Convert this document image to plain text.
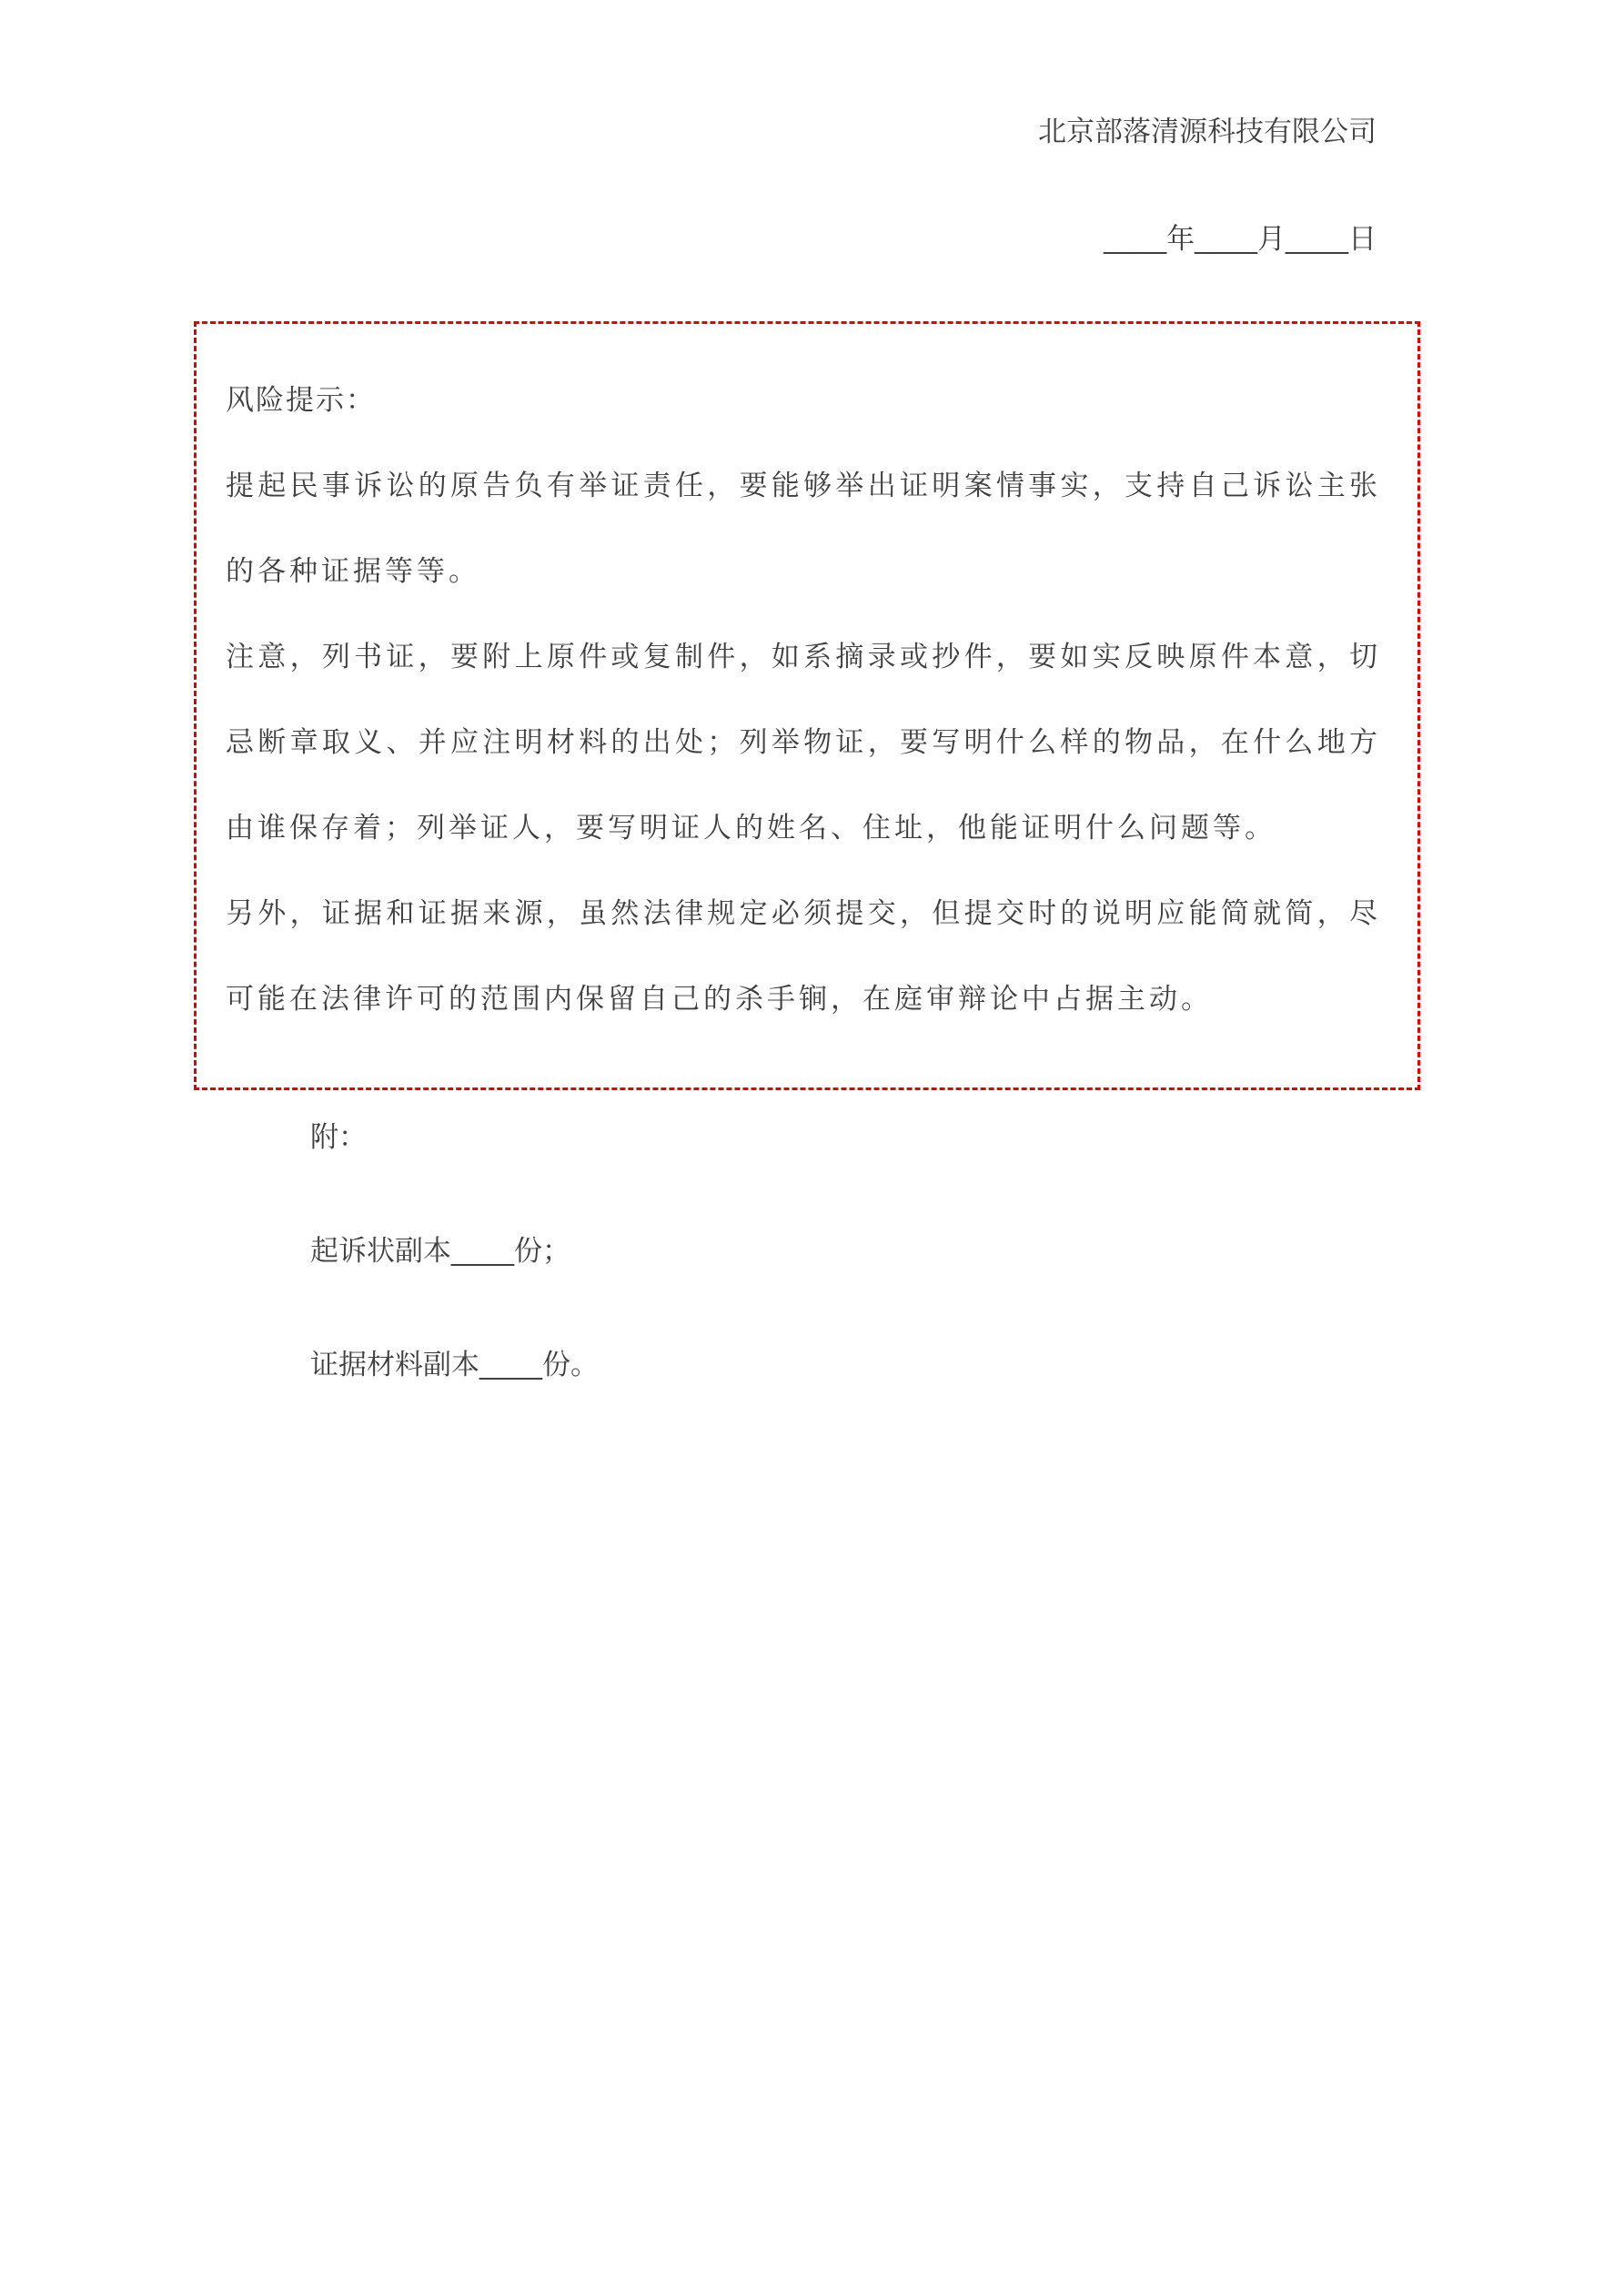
北京部落清源科技有限公司
____年____月____日

风险提示：

提起民事诉讼的原告负有举证责任，要能够举出证明案情事实，支持自己诉讼主张的各种证据等等。

注意，列书证，要附上原件或复制件，如系摘录或抄件，要如实反映原件本意，切忌断章取义、并应注明材料的出处；列举物证，要写明什么样的物品，在什么地方由谁保存着；列举证人，要写明证人的姓名、住址，他能证明什么问题等。

另外，证据和证据来源，虽然法律规定必须提交，但提交时的说明应能简就简，尽可能在法律许可的范围内保留自己的杀手锏，在庭审辩论中占据主动。

附：
起诉状副本____份；
证据材料副本____份。
